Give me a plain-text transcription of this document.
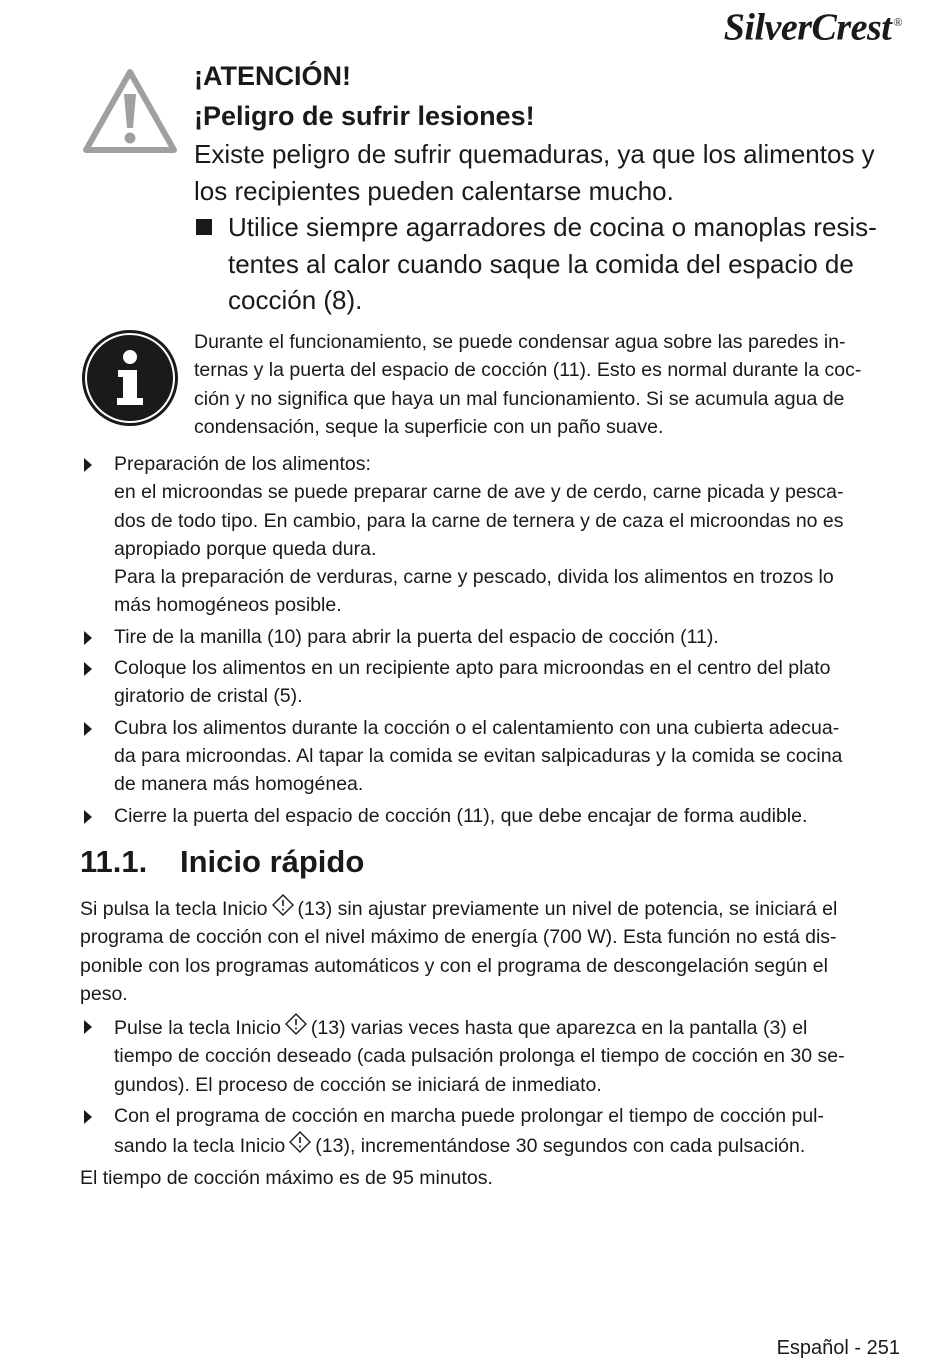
SilverCrest ®

¡ATENCIÓN!

¡Peligro de sufrir lesiones!

Existe peligro de sufrir quemaduras, ya que los alimentos y los recipientes pueden calentarse mucho.

Utilice siempre agarradores de cocina o manoplas resis-
tentes al calor cuando saque la comida del espacio de
cocción (8).
Durante el funcionamiento, se puede condensar agua sobre las paredes in-
ternas y la puerta del espacio de cocción (11). Esto es normal durante la coc-
ción y no significa que haya un mal funcionamiento. Si se acumula agua de
condensación, seque la superficie con un paño suave.
Preparación de los alimentos:
en el microondas se puede preparar carne de ave y de cerdo, carne picada y pesca-
dos de todo tipo. En cambio, para la carne de ternera y de caza el microondas no es
apropiado porque queda dura.
Para la preparación de verduras, carne y pescado, divida los alimentos en trozos lo
más homogéneos posible.
Tire de la manilla (10) para abrir la puerta del espacio de cocción (11).
Coloque los alimentos en un recipiente apto para microondas en el centro del plato
giratorio de cristal (5).
Cubra los alimentos durante la cocción o el calentamiento con una cubierta adecua-
da para microondas. Al tapar la comida se evitan salpicaduras y la comida se cocina
de manera más homogénea.
Cierre la puerta del espacio de cocción (11), que debe encajar de forma audible.
11.1. Inicio rápido
Si pulsa la tecla Inicio (13) sin ajustar previamente un nivel de potencia, se iniciará el
programa de cocción con el nivel máximo de energía (700 W). Esta función no está dis-
ponible con los programas automáticos y con el programa de descongelación según el
peso.
Pulse la tecla Inicio (13) varias veces hasta que aparezca en la pantalla (3) el
tiempo de cocción deseado (cada pulsación prolonga el tiempo de cocción en 30 se-
gundos). El proceso de cocción se iniciará de inmediato.
Con el programa de cocción en marcha puede prolongar el tiempo de cocción pul-
sando la tecla Inicio (13), incrementándose 30 segundos con cada pulsación.
El tiempo de cocción máximo es de 95 minutos.
Español - 251
